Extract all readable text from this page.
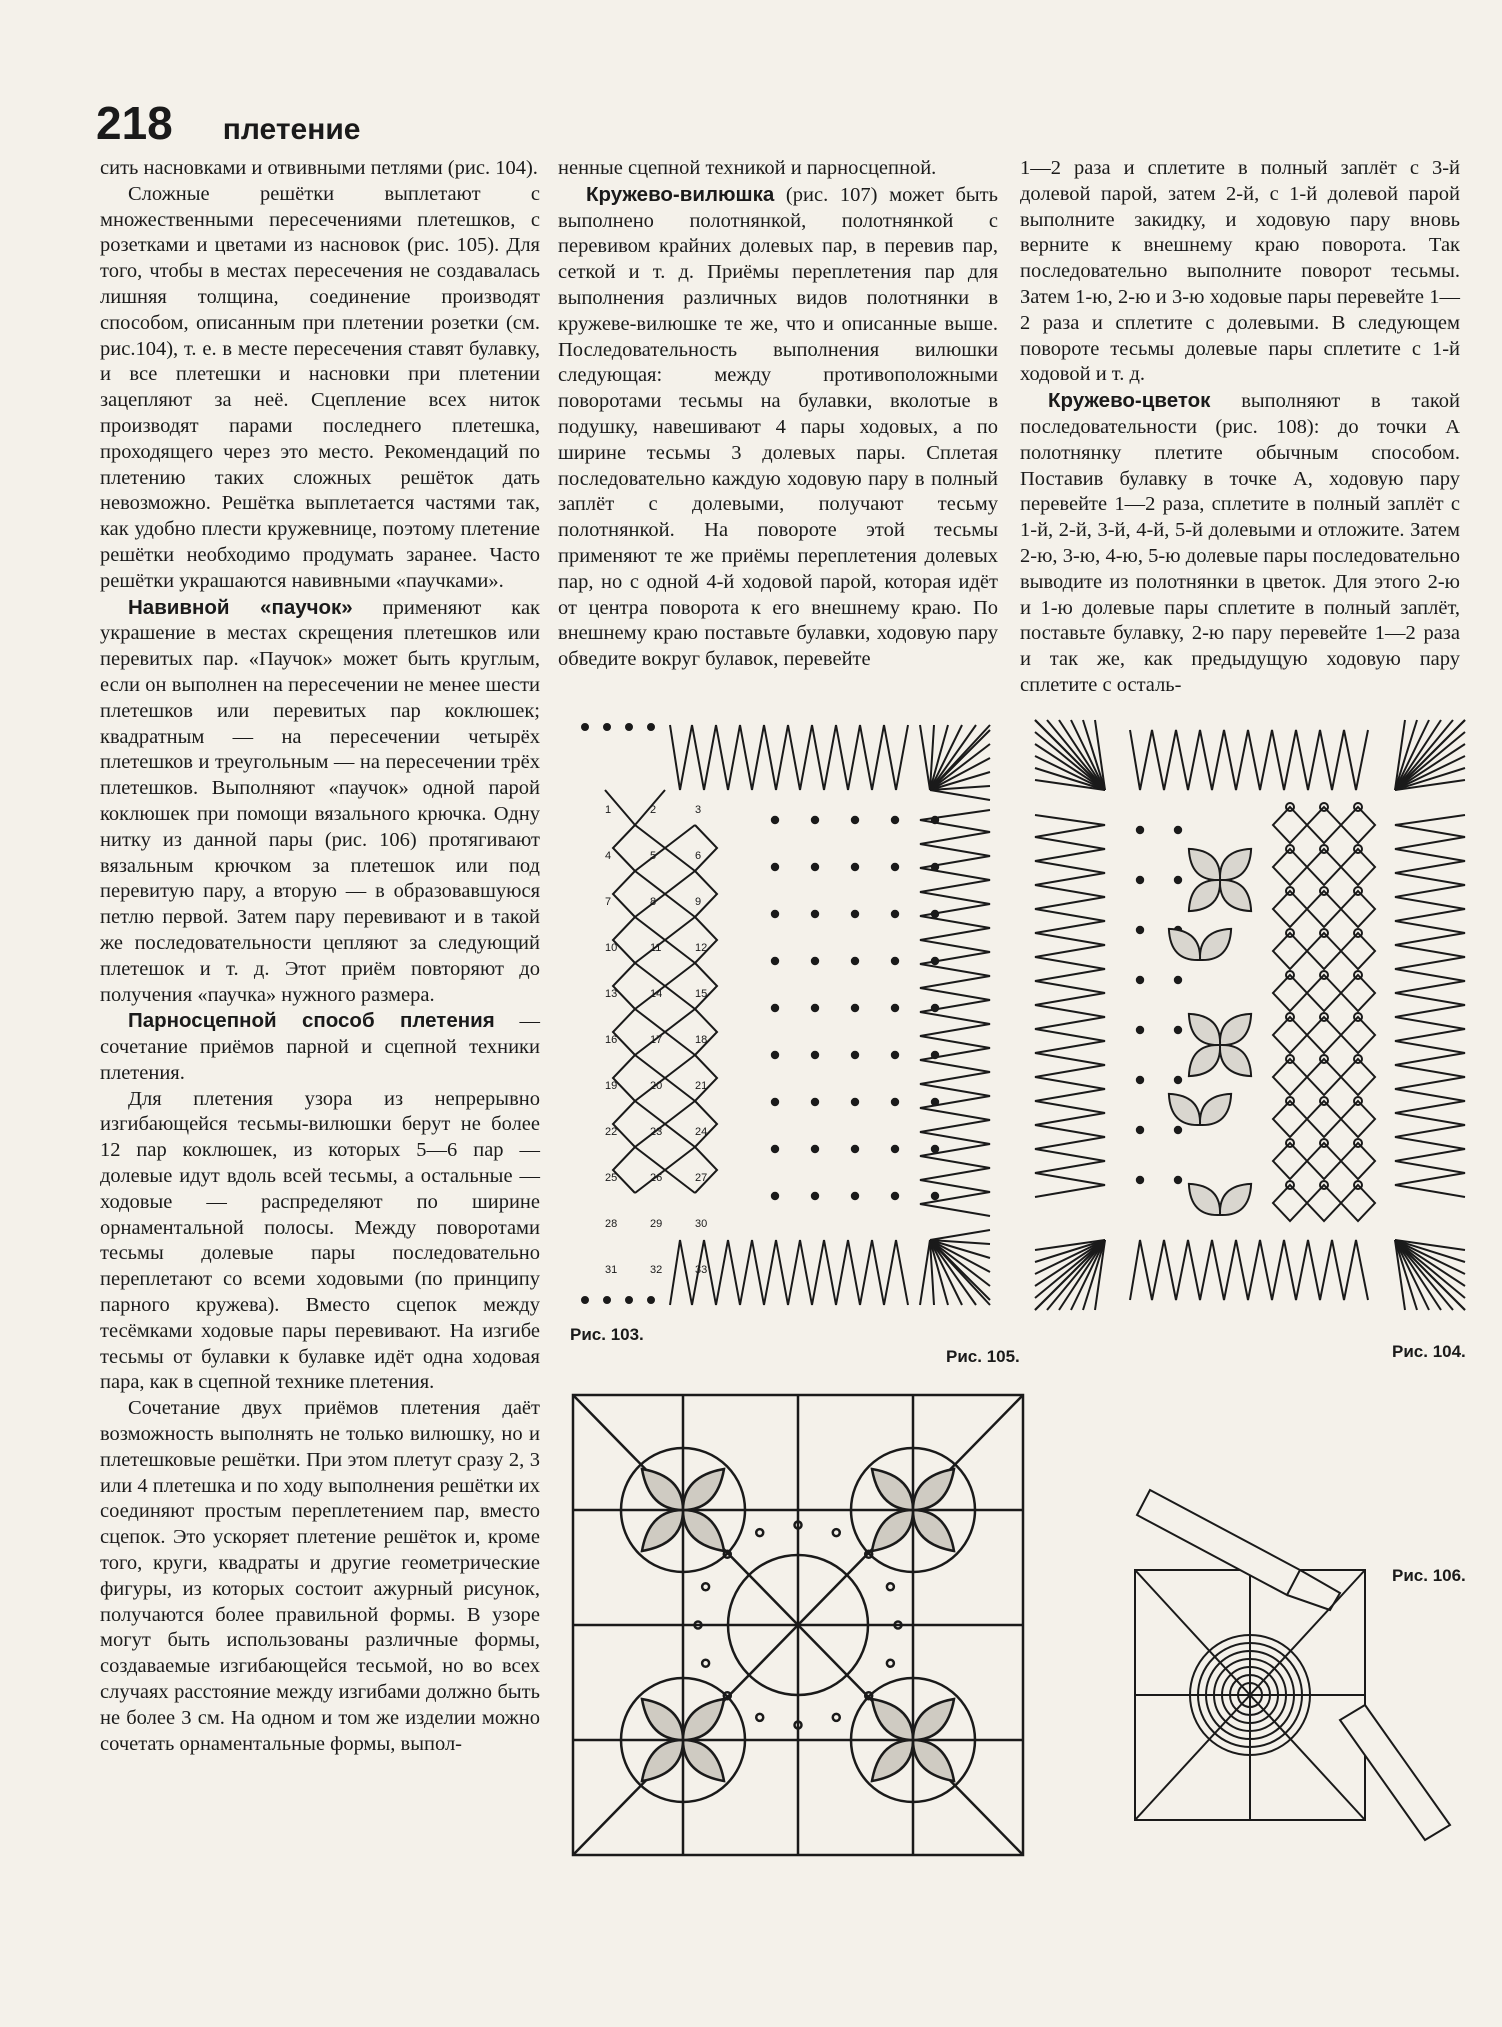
218 плетение

сить насновками и отвивными петлями (рис. 104).

Сложные решётки выплетают с множественными пересечениями плетешков, с розетками и цветами из насновок (рис. 105). Для того, чтобы в местах пересечения не создавалась лишняя толщина, соединение производят способом, описанным при плетении розетки (см. рис.104), т. е. в месте пересечения ставят булавку, и все плетешки и насновки при плетении зацепляют за неё. Сцепление всех ниток производят парами последнего плетешка, проходящего через это место. Рекомендаций по плетению таких сложных решёток дать невозможно. Решётка выплетается частями так, как удобно плести кружевнице, поэтому плетение решётки необходимо продумать заранее. Часто решётки украшаются навивными «паучками».

Навивной «паучок» применяют как украшение в местах скрещения плетешков или перевитых пар. «Паучок» может быть круглым, если он выполнен на пересечении не менее шести плетешков или перевитых пар коклюшек; квадратным — на пересечении четырёх плетешков и треугольным — на пересечении трёх плетешков. Выполняют «паучок» одной парой коклюшек при помощи вязального крючка. Одну нитку из данной пары (рис. 106) протягивают вязальным крючком за плетешок или под перевитую пару, а вторую — в образовавшуюся петлю первой. Затем пару перевивают и в такой же последовательности цепляют за следующий плетешок и т. д. Этот приём повторяют до получения «паучка» нужного размера.

Парносцепной способ плетения — сочетание приёмов парной и сцепной техники плетения.

Для плетения узора из непрерывно изгибающейся тесьмы-вилюшки берут не более 12 пар коклюшек, из которых 5—6 пар — долевые идут вдоль всей тесьмы, а остальные — ходовые — распределяют по ширине орнаментальной полосы. Между поворотами тесьмы долевые пары последовательно переплетают со всеми ходовыми (по принципу парного кружева). Вместо сцепок между тесёмками ходовые пары перевивают. На изгибе тесьмы от булавки к булавке идёт одна ходовая пара, как в сцепной технике плетения.

Сочетание двух приёмов плетения даёт возможность выполнять не только вилюшку, но и плетешковые решётки. При этом плетут сразу 2, 3 или 4 плетешка и по ходу выполнения решётки их соединяют простым переплетением пар, вместо сцепок. Это ускоряет плетение решёток и, кроме того, круги, квадраты и другие геометрические фигуры, из которых состоит ажурный рисунок, получаются более правильной формы. В узоре могут быть использованы различные формы, создаваемые изгибающейся тесьмой, но во всех случаях расстояние между изгибами должно быть не более 3 см. На одном и том же изделии можно сочетать орнаментальные формы, выпол-

ненные сцепной техникой и парносцепной.

Кружево-вилюшка (рис. 107) может быть выполнено полотнянкой, полотнянкой с перевивом крайних долевых пар, в перевив пар, сеткой и т. д. Приёмы переплетения пар для выполнения различных видов полотнянки в кружеве-вилюшке те же, что и описанные выше. Последовательность выполнения вилюшки следующая: между противоположными поворотами тесьмы на булавки, вколотые в подушку, навешивают 4 пары ходовых, а по ширине тесьмы 3 долевых пары. Сплетая последовательно каждую ходовую пару в полный заплёт с долевыми, получают тесьму полотнянкой. На повороте этой тесьмы применяют те же приёмы переплетения долевых пар, но с одной 4-й ходовой парой, которая идёт от центра поворота к его внешнему краю. По внешнему краю поставьте булавки, ходовую пару обведите вокруг булавок, перевейте

1—2 раза и сплетите в полный заплёт с 3-й долевой парой, затем 2-й, с 1-й долевой парой выполните закидку, и ходовую пару вновь верните к внешнему краю поворота. Так последовательно выполните поворот тесьмы. Затем 1-ю, 2-ю и 3-ю ходовые пары перевейте 1—2 раза и сплетите с долевыми. В следующем повороте тесьмы долевые пары сплетите с 1-й ходовой и т. д.

Кружево-цветок выполняют в такой последовательности (рис. 108): до точки А полотнянку плетите обычным способом. Поставив булавку в точке А, ходовую пару перевейте 1—2 раза, сплетите в полный заплёт с 1-й, 2-й, 3-й, 4-й, 5-й долевыми и отложите. Затем 2-ю, 3-ю, 4-ю, 5-ю долевые пары последовательно выводите из полотнянки в цветок. Для этого 2-ю и 1-ю долевые пары сплетите в полный заплёт, поставьте булавку, 2-ю пару перевейте 1—2 раза и так же, как предыдущую ходовую пару сплетите с осталь-

1	2	3
4	5	6
7	8	9
10	11	12
13	14	15
16	17	18
19	20	21
22	23	24
25	26	27
28	29	30
31	32	33
Рис. 103.
Рис. 105.	Рис. 104.
Рис. 106.
